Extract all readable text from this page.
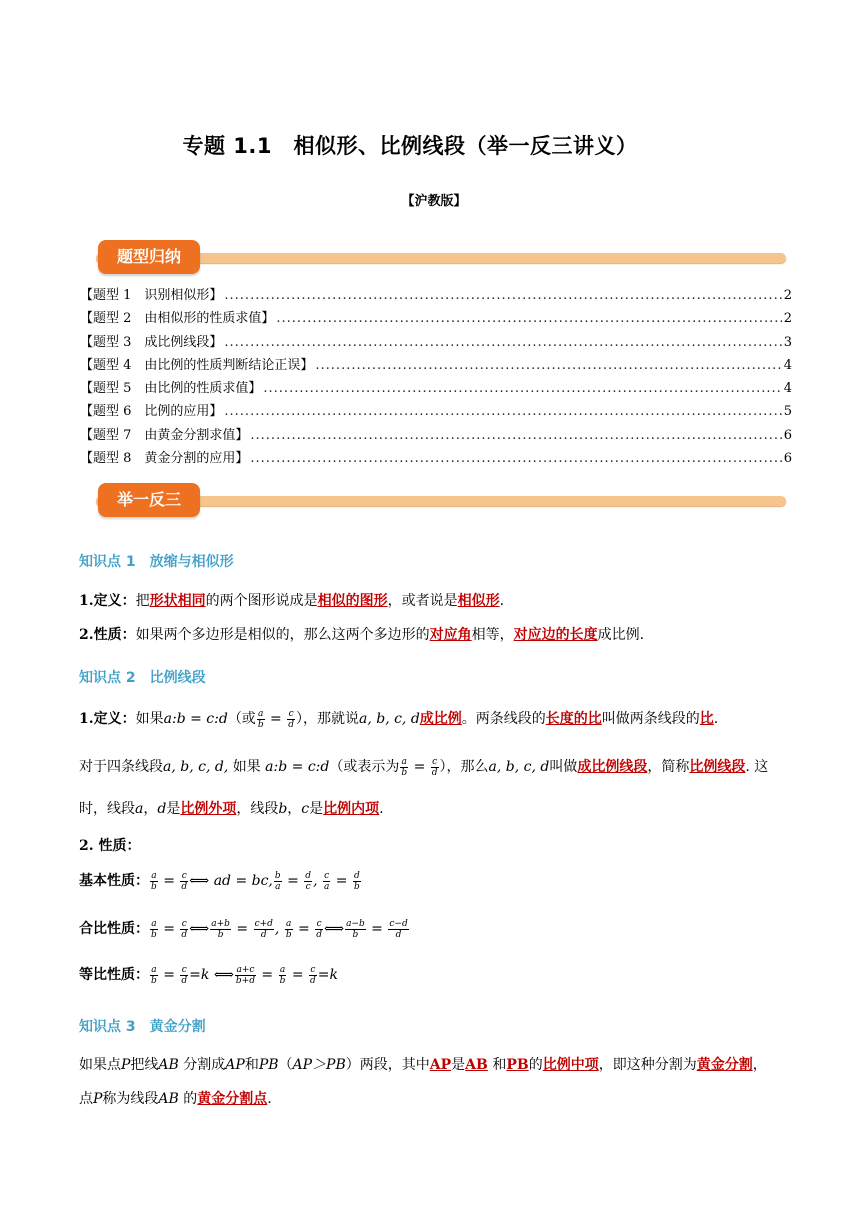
专题 1.1　相似形、比例线段（举一反三讲义）
【沪教版】
题型归纳
【题型 1　识别相似形】 .....	2
【题型 2　由相似形的性质求值】 .....	2
【题型 3　成比例线段】 .....	3
【题型 4　由比例的性质判断结论正误】 .....	4
【题型 5　由比例的性质求值】 .....	4
【题型 6　比例的应用】 .....	5
【题型 7　由黄金分割求值】 .....	6
【题型 8　黄金分割的应用】 .....	6
举一反三
知识点 1　放缩与相似形
1.定义：把形状相同的两个图形说成是相似的图形，或者说是相似形.
2.性质：如果两个多边形是相似的，那么这两个多边形的对应角相等，对应边的长度成比例.
知识点 2　比例线段
1.定义：如果a:b = c:d（或 $\frac{a}{b} = \frac{c}{d}$ ），那就说a, b, c, d成比例。两条线段的长度的比叫做两条线段的比.
对于四条线段a, b, c, d, 如果 a:b = c:d（或表示为 $\frac{a}{b} = \frac{c}{d}$ ），那么a, b, c, d叫做成比例线段，简称比例线段. 这
时，线段a，d是比例外项，线段b，c是比例内项.
2. 性质：
基本性质： $\frac{a}{b} = \frac{c}{d}$ ⟺ ad = bc, $\frac{b}{a} = \frac{d}{c}$ , $\frac{c}{a} = \frac{d}{b}$
合比性质： $\frac{a}{b} = \frac{c}{d}$ ⟺ $\frac{a+b}{b} = \frac{c+d}{d}$ , $\frac{a}{b} = \frac{c}{d}$ ⟺ $\frac{a-b}{b} = \frac{c-d}{d}$
等比性质： $\frac{a}{b} = \frac{c}{d} =k$ ⟺ $\frac{a+c}{b+d} = \frac{a}{b} = \frac{c}{d} =k$
知识点 3　黄金分割
如果点P把线AB 分割成AP和PB（AP＞PB）两段，其中AP是AB 和PB的比例中项，即这种分割为黄金分割，
点P称为线段AB 的黄金分割点.
